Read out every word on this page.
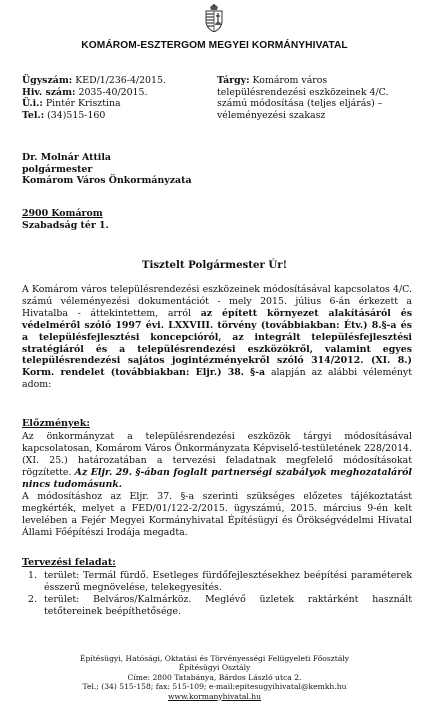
KOMÁROM-ESZTERGOM MEGYEI KORMÁNYHIVATAL
Ügyszám: KED/1/236-4/2015.
Hiv. szám: 2035-40/2015.
Ü.i.: Pintér Krisztina
Tel.: (34)515-160
Tárgy: Komárom város településrendezési eszközeinek 4/C. számú módosítása (teljes eljárás) – véleményezési szakasz
Dr. Molnár Attila
polgármester
Komárom Város Önkormányzata
2900 Komárom
Szabadság tér 1.
Tisztelt Polgármester Úr!
A Komárom város településrendezési eszközeinek módosításával kapcsolatos 4/C. számú véleményezési dokumentációt - mely 2015. július 6-án érkezett a Hivatalba - áttekintettem, arról az épített környezet alakításáról és védelméről szóló 1997 évi. LXXVIII. törvény (továbbiakban: Étv.) 8.§-a és a településfejlesztési koncepcióról, az integrált településfejlesztési stratégiáról és a településrendezési eszközökről, valamint egyes településrendezési sajátos jogintézményekről szóló 314/2012. (XI. 8.) Korm. rendelet (továbbiakban: Eljr.) 38. §-a alapján az alábbi véleményt adom:
Előzmények:
Az önkormányzat a településrendezési eszközök tárgyi módosításával kapcsolatosan, Komárom Város Önkormányzata Képviselő-testületének 228/2014. (XI. 25.) határozatában a tervezési feladatnak megfelelő módosításokat rögzítette. Az Eljr. 29. §-ában foglalt partnerségi szabályok meghozataláról nincs tudomásunk.
A módosításhoz az Eljr. 37. §-a szerinti szükséges előzetes tájékoztatást megkérték, melyet a FED/01/122-2/2015. ügyszámú, 2015. március 9-én kelt levelében a Fejér Megyei Kormányhivatal Építésügyi és Örökségvédelmi Hivatal Állami Főépítészi Irodája megadta.
Tervezési feladat:
1. terület: Termál fürdő. Esetleges fürdőfejlesztésekhez beépítési paraméterek ésszerű megnövelése, telekegyesítés.
2. terület: Belváros/Kalmárköz. Meglévő üzletek raktárként használt tetőtereinek beépíthetősége.
Építésügyi, Hatósági, Oktatási és Törvényességi Felügyeleti Főosztály
Építésügyi Osztály
Címe: 2800 Tatabánya, Bárdos László utca 2.
Tel.; (34) 515-158; fax: 515-109; e-mail:epitesugyihivatal@kemkh.hu
www.kormanyhivatal.hu
